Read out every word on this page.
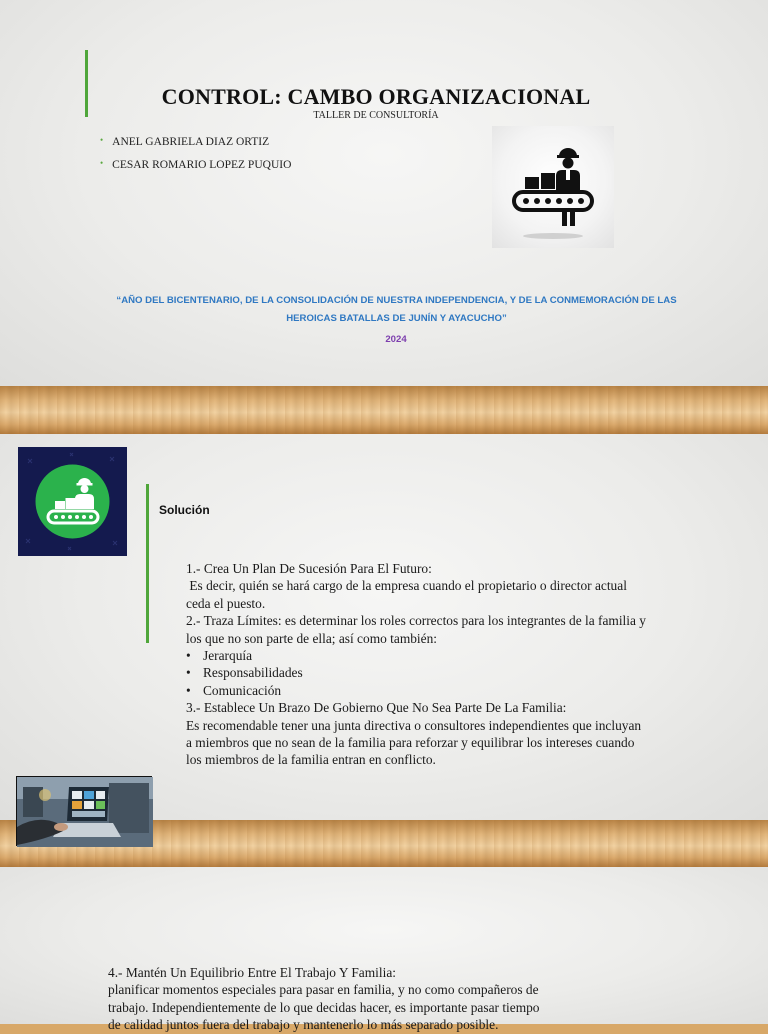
CONTROL: CAMBO ORGANIZACIONAL
TALLER DE CONSULTORÍA
• ANEL GABRIELA DIAZ ORTIZ
• CESAR ROMARIO LOPEZ PUQUIO
“AÑO DEL BICENTENARIO, DE LA CONSOLIDACIÓN DE NUESTRA INDEPENDENCIA, Y DE LA CONMEMORACIÓN DE LAS
HEROICAS BATALLAS DE JUNÍN Y AYACUCHO”
2024
Solución
1.- Crea Un Plan De Sucesión Para El Futuro:
Es decir, quién se hará cargo de la empresa cuando el propietario o director actual
ceda el puesto.
2.- Traza Límites: es determinar los roles correctos para los integrantes de la familia y
los que no son parte de ella; así como también:
• Jerarquía
• Responsabilidades
• Comunicación
3.- Establece Un Brazo De Gobierno Que No Sea Parte De La Familia:
Es recomendable tener una junta directiva o consultores independientes que incluyan
a miembros que no sean de la familia para reforzar y equilibrar los intereses cuando
los miembros de la familia entran en conflicto.
4.- Mantén Un Equilibrio Entre El Trabajo Y Familia:
planificar momentos especiales para pasar en familia, y no como compañeros de
trabajo. Independientemente de lo que decidas hacer, es importante pasar tiempo
de calidad juntos fuera del trabajo y mantenerlo lo más separado posible.
